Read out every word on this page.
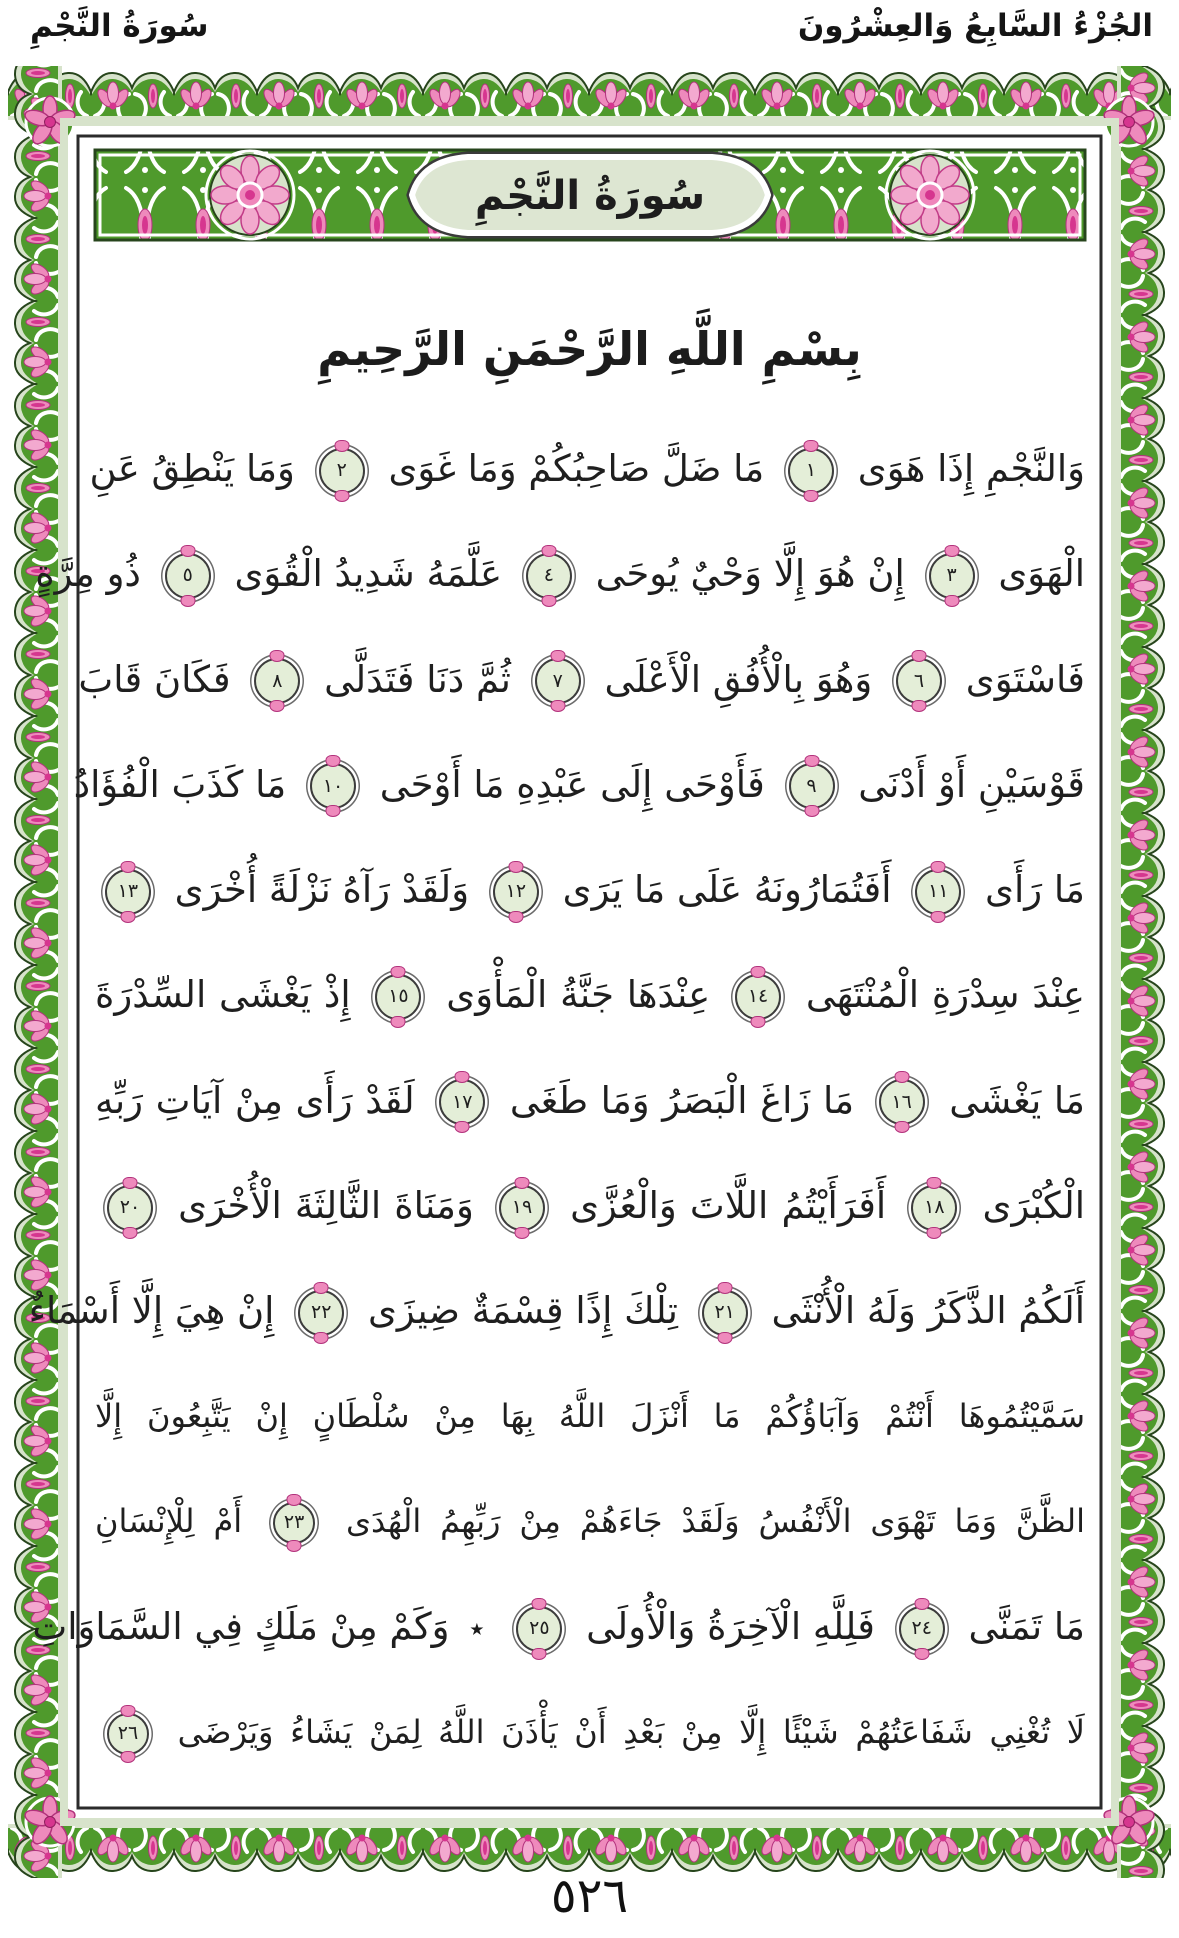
الجُزْءُ السَّابِعُ وَالعِشْرُونَ
سُورَةُ النَّجْمِ
سُورَةُ النَّجْمِ
بِسْمِ اللَّهِ الرَّحْمَنِ الرَّحِيمِ
وَالنَّجْمِ إِذَا هَوَى
١
مَا ضَلَّ صَاحِبُكُمْ وَمَا غَوَى
٢
وَمَا يَنْطِقُ عَنِ
الْهَوَى
٣
إِنْ هُوَ إِلَّا وَحْيٌ يُوحَى
٤
عَلَّمَهُ شَدِيدُ الْقُوَى
٥
ذُو مِرَّةٍ
فَاسْتَوَى
٦
وَهُوَ بِالْأُفُقِ الْأَعْلَى
٧
ثُمَّ دَنَا فَتَدَلَّى
٨
فَكَانَ قَابَ
قَوْسَيْنِ أَوْ أَدْنَى
٩
فَأَوْحَى إِلَى عَبْدِهِ مَا أَوْحَى
١٠
مَا كَذَبَ الْفُؤَادُ
مَا رَأَى
١١
أَفَتُمَارُونَهُ عَلَى مَا يَرَى
١٢
وَلَقَدْ رَآهُ نَزْلَةً أُخْرَى
١٣
عِنْدَ سِدْرَةِ الْمُنْتَهَى
١٤
عِنْدَهَا جَنَّةُ الْمَأْوَى
١٥
إِذْ يَغْشَى السِّدْرَةَ
مَا يَغْشَى
١٦
مَا زَاغَ الْبَصَرُ وَمَا طَغَى
١٧
لَقَدْ رَأَى مِنْ آيَاتِ رَبِّهِ
الْكُبْرَى
١٨
أَفَرَأَيْتُمُ اللَّاتَ وَالْعُزَّى
١٩
وَمَنَاةَ الثَّالِثَةَ الْأُخْرَى
٢٠
أَلَكُمُ الذَّكَرُ وَلَهُ الْأُنْثَى
٢١
تِلْكَ إِذًا قِسْمَةٌ ضِيزَى
٢٢
إِنْ هِيَ إِلَّا أَسْمَاءٌ
سَمَّيْتُمُوهَا أَنْتُمْ وَآبَاؤُكُمْ مَا أَنْزَلَ اللَّهُ بِهَا مِنْ سُلْطَانٍ إِنْ يَتَّبِعُونَ إِلَّا
الظَّنَّ وَمَا تَهْوَى الْأَنْفُسُ وَلَقَدْ جَاءَهُمْ مِنْ رَبِّهِمُ الْهُدَى
٢٣
أَمْ لِلْإِنْسَانِ
مَا تَمَنَّى
٢٤
فَلِلَّهِ الْآخِرَةُ وَالْأُولَى
٢٥
٭ وَكَمْ مِنْ مَلَكٍ فِي السَّمَاوَاتِ
لَا تُغْنِي شَفَاعَتُهُمْ شَيْئًا إِلَّا مِنْ بَعْدِ أَنْ يَأْذَنَ اللَّهُ لِمَنْ يَشَاءُ وَيَرْضَى
٢٦
٥٢٦
